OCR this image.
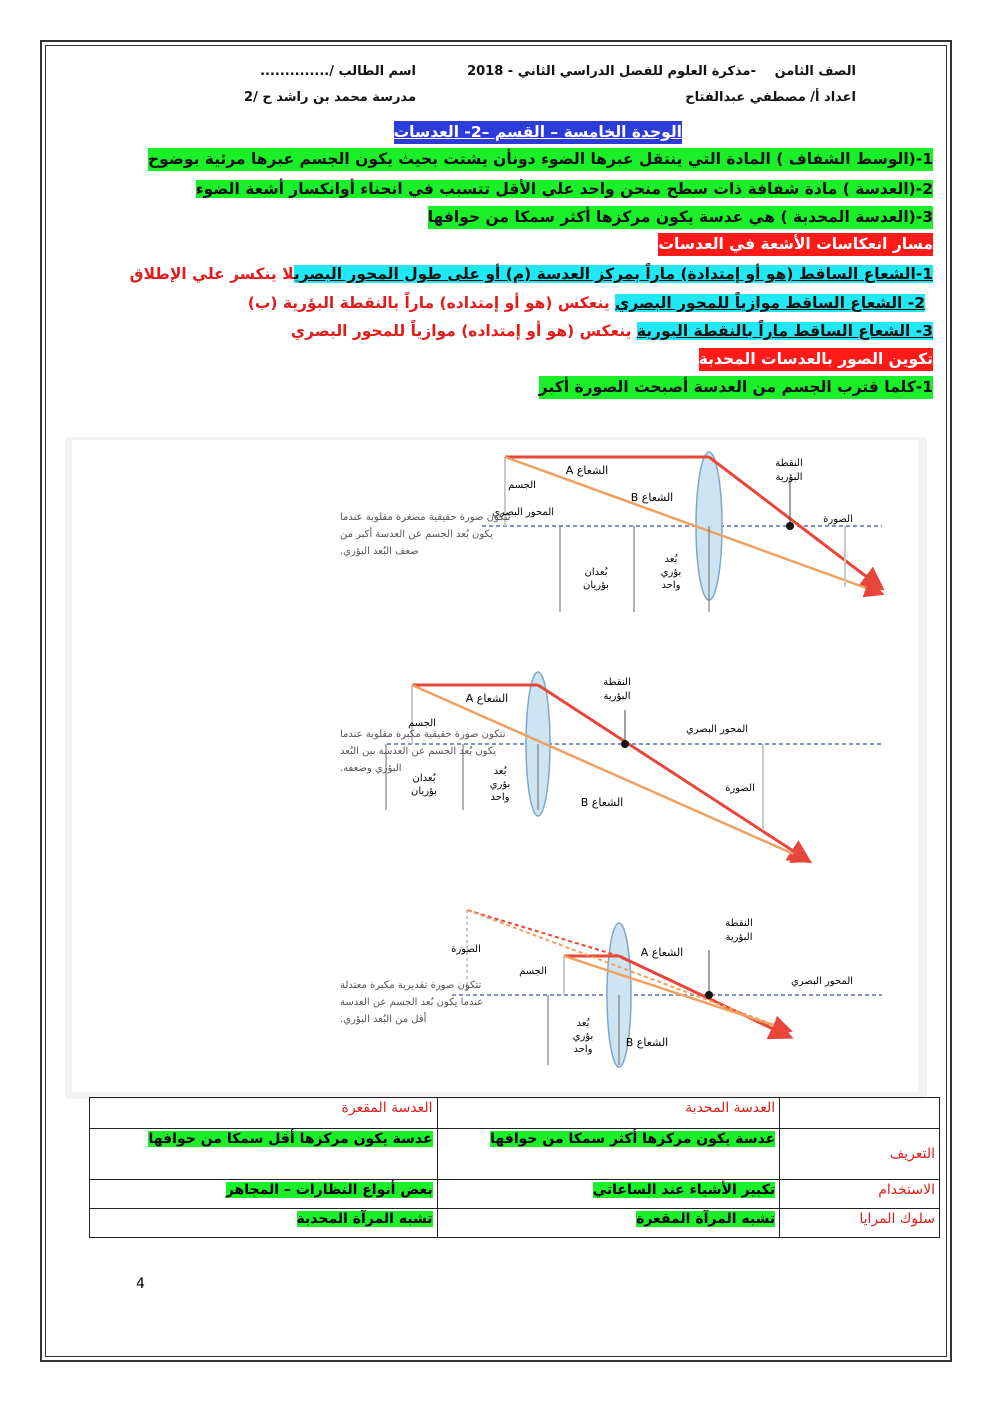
الصف الثامن
-مذكرة العلوم للفصل الدراسي الثاني - 2018
اسم الطالب /..............
اعداد أ/ مصطفي عبدالفتاح
مدرسة محمد بن راشد ح /2
الوحدة الخامسة – القسم –2- العدسات
1-(الوسط الشفاف ) المادة التي ينتقل عبرها الضوء دونأن يشتت بحيث يكون الجسم عبرها مرئية بوضوح
2-(العدسة ) مادة شفافة ذات سطح منحن واحد علي الأقل تتسبب في انحناء أوانكسار أشعة الضوء
3-(العدسة المحدبة ) هي عدسة يكون مركزها أكثر سمكا من حوافها
مسار انعكاسات الأشعة في العدسات
1-الشعاع الساقط (هو أو إمتدادة) ماراً بمركز العدسة (م) أو على طول المحور البصريلا ينكسر علي الإطلاق
2- الشعاع الساقط موازياً للمحور البصري ينعكس (هو أو إمتداده) ماراً بالنقطة البؤرية (ب)
3- الشعاع الساقط ماراً بالنقطة البورية ينعكس (هو أو إمتداده) موازياً للمحور البصري
تكوين الصور بالعدسات المحدبة
1-كلما قترب الجسم من العدسة أصبحت الصورة أكبر
الشعاع A
الشعاع B
الجسم
المحور البصري
النقطة
البؤرية
الصورة
بُعدان
بؤريان
بُعد
بؤري
واحد
تتكون صورة حقيقية مصغرة مقلوبة عندما
يكون بُعد الجسم عن العدسة أكبر من
ضعف البُعد البؤري.
الشعاع A
الشعاع B
الجسم
المحور البصري
النقطة
البؤرية
الصورة
بُعدان
بؤريان
بُعد
بؤري
واحد
تتكون صورة حقيقية مكبرة مقلوبة عندما
يكون بُعد الجسم عن العدسة بين البُعد
البؤري وضعفه.
الشعاع A
الشعاع B
الجسم
المحور البصري
النقطة
البؤرية
الصورة
بُعد
بؤري
واحد
تتكون صورة تقديرية مكبرة معتدلة
عندما يكون بُعد الجسم عن العدسة
أقل من البُعد البؤري.
	العدسة المحدبة	العدسة المقعرة
التعريف	عدسة يكون مركزها أكثر سمكا من حوافها	عدسة يكون مركزها أقل سمكا من حوافها
الاستخدام	تكبير الأشياء عند الساعاتي	بعض أنواع النظارات – المجاهر
سلوك المرايا	تشبه المرآة المقعرة	تشبه المرآة المحدبة
4
